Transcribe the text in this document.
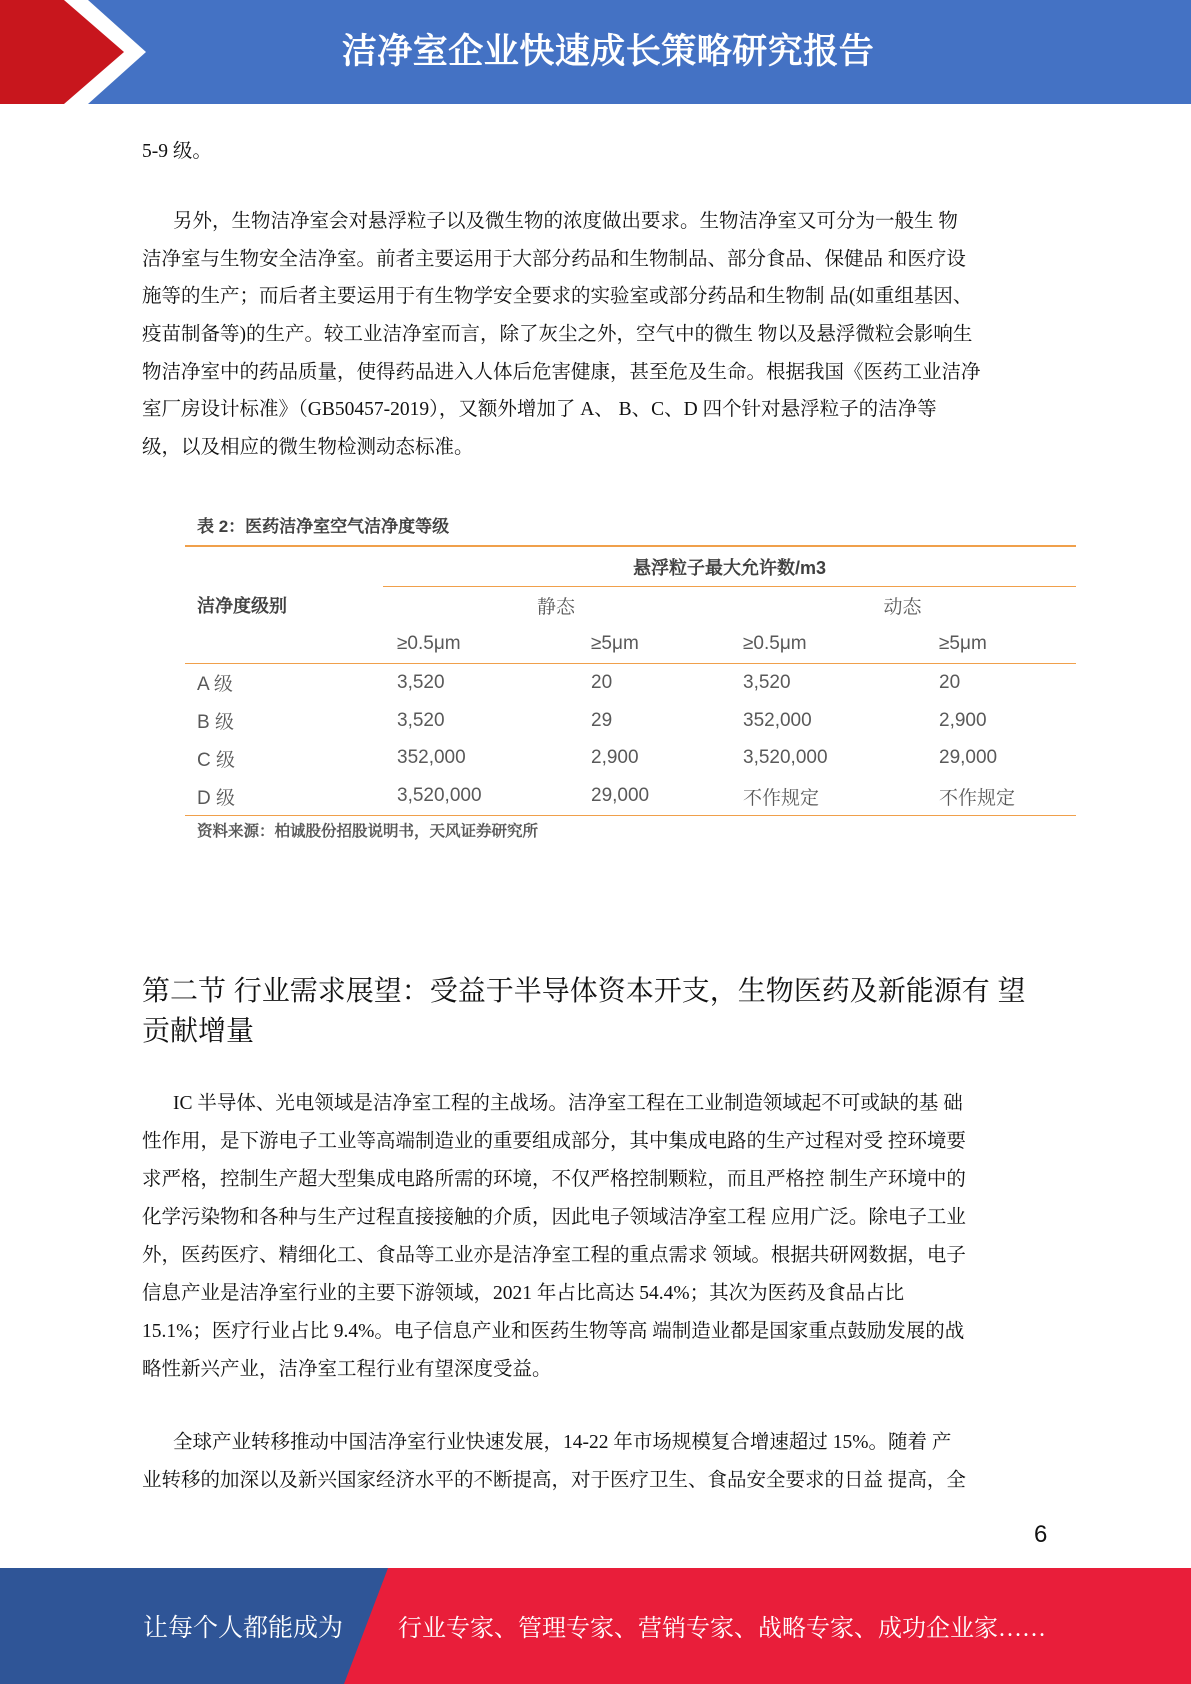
洁净室企业快速成长策略研究报告
5-9 级。
另外，生物洁净室会对悬浮粒子以及微生物的浓度做出要求。生物洁净室又可分为一般生 物
洁净室与生物安全洁净室。前者主要运用于大部分药品和生物制品、部分食品、保健品 和医疗设
施等的生产；而后者主要运用于有生物学安全要求的实验室或部分药品和生物制 品(如重组基因、
疫苗制备等)的生产。较工业洁净室而言，除了灰尘之外，空气中的微生 物以及悬浮微粒会影响生
物洁净室中的药品质量，使得药品进入人体后危害健康，甚至危及生命。根据我国《医药工业洁净
室厂房设计标准》（GB50457-2019），又额外增加了 A、 B、C、D 四个针对悬浮粒子的洁净等
级，以及相应的微生物检测动态标准。
表 2：医药洁净室空气洁净度等级
洁净度级别	悬浮粒子最大允许数/m3			
	静态		动态	
	≥0.5μm	≥5μm	≥0.5μm	≥5μm
A 级	3,520	20	3,520	20
B 级	3,520	29	352,000	2,900
C 级	352,000	2,900	3,520,000	29,000
D 级	3,520,000	29,000	不作规定	不作规定
资料来源：柏诚股份招股说明书，天风证券研究所
第二节 行业需求展望：受益于半导体资本开支，生物医药及新能源有 望
贡献增量
IC 半导体、光电领域是洁净室工程的主战场。洁净室工程在工业制造领域起不可或缺的基 础
性作用，是下游电子工业等高端制造业的重要组成部分，其中集成电路的生产过程对受 控环境要
求严格，控制生产超大型集成电路所需的环境，不仅严格控制颗粒，而且严格控 制生产环境中的
化学污染物和各种与生产过程直接接触的介质，因此电子领域洁净室工程 应用广泛。除电子工业
外，医药医疗、精细化工、食品等工业亦是洁净室工程的重点需求 领域。根据共研网数据，电子
信息产业是洁净室行业的主要下游领域，2021 年占比高达 54.4%；其次为医药及食品占比
15.1%；医疗行业占比 9.4%。电子信息产业和医药生物等高 端制造业都是国家重点鼓励发展的战
略性新兴产业，洁净室工程行业有望深度受益。
全球产业转移推动中国洁净室行业快速发展，14-22 年市场规模复合增速超过 15%。随着 产
业转移的加深以及新兴国家经济水平的不断提高，对于医疗卫生、食品安全要求的日益 提高，全
6
让每个人都能成为 行业专家、管理专家、营销专家、战略专家、成功企业家……
